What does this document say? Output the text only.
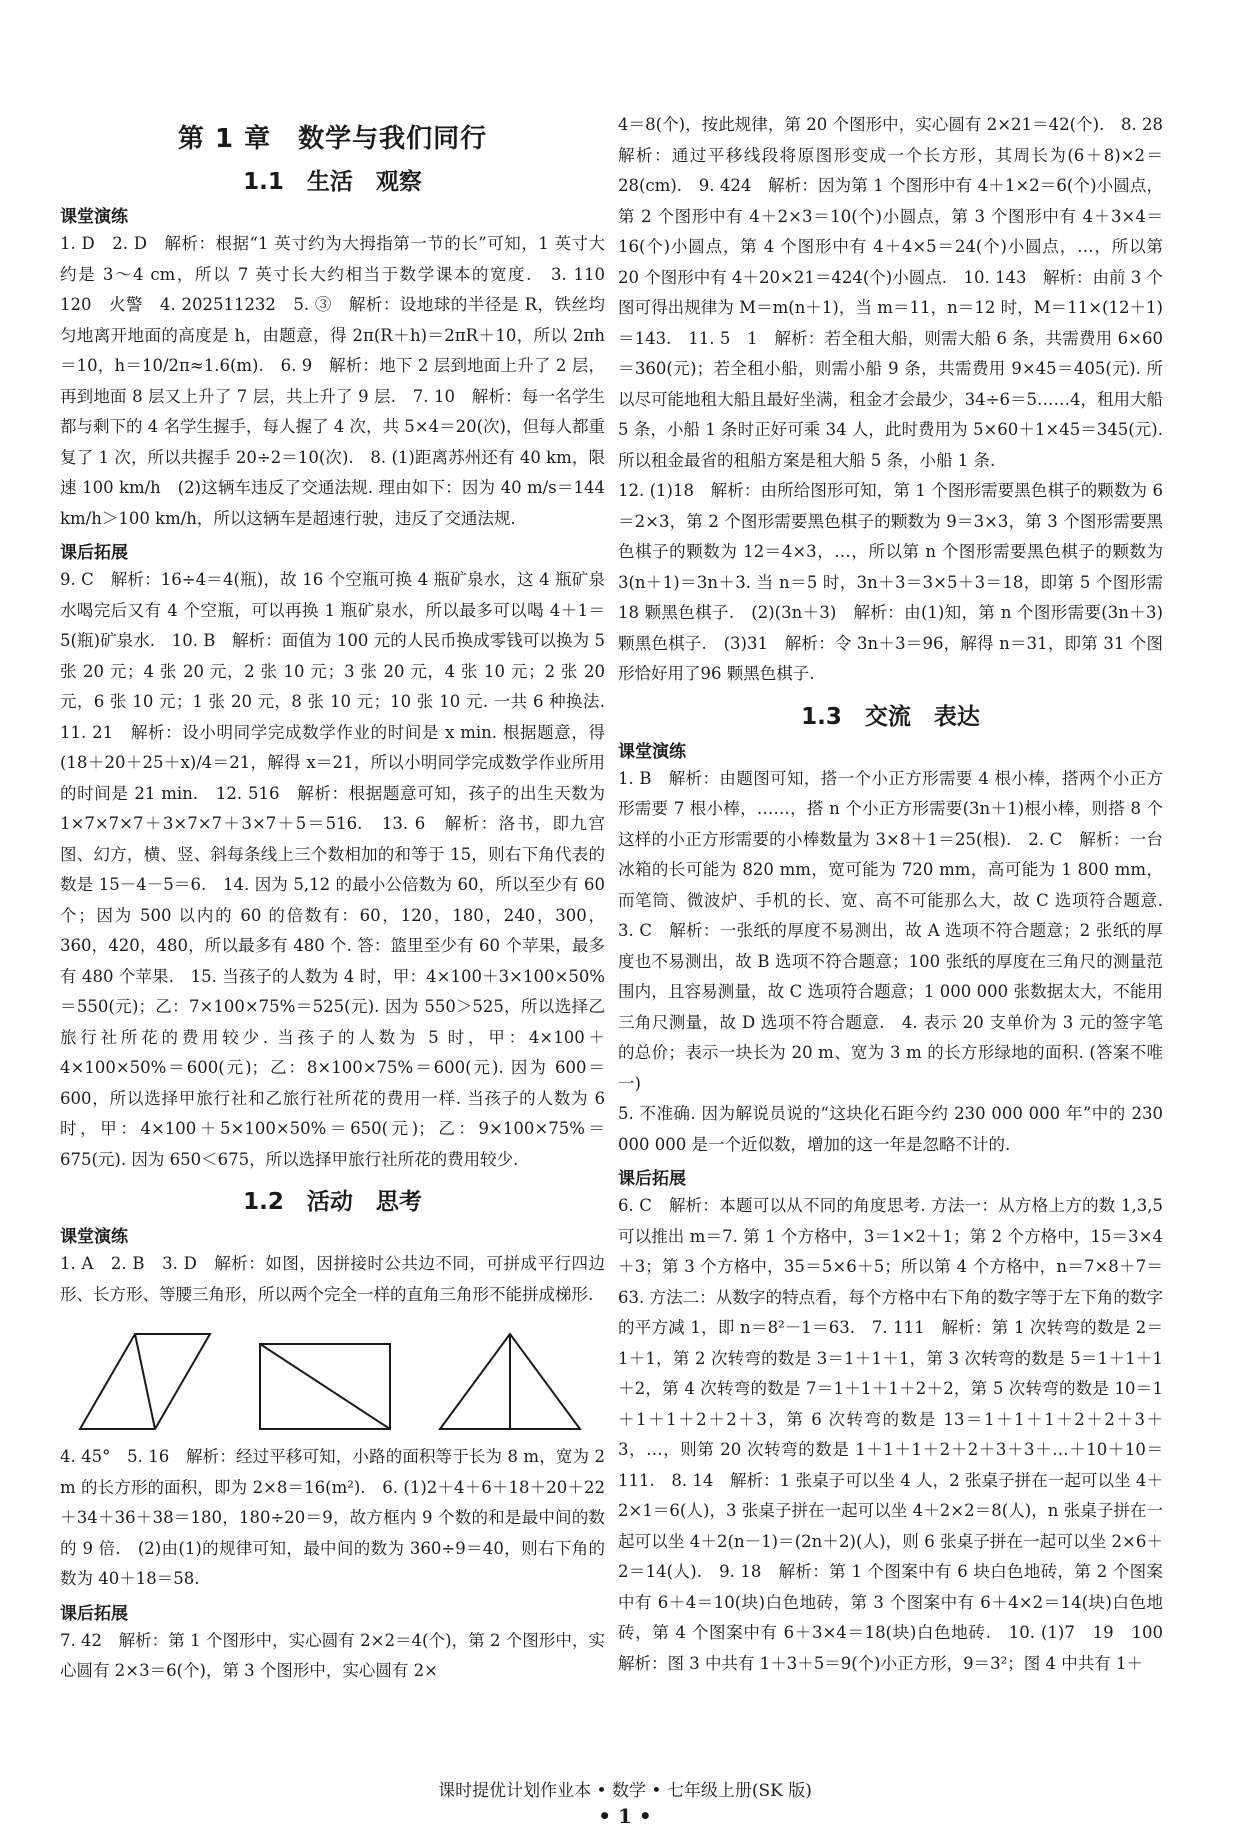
第 1 章　数学与我们同行
1.1　生活　观察
课堂演练

1. D　2. D　解析：根据“1 英寸约为大拇指第一节的长”可知，1 英寸大约是 3～4 cm，所以 7 英寸长大约相当于数学课本的宽度.　3. 110　120　火警　4. 202511232　5. ③　解析：设地球的半径是 R，铁丝均匀地离开地面的高度是 h，由题意，得 2π(R＋h)＝2πR＋10，所以 2πh＝10，h＝10/2π≈1.6(m).　6. 9　解析：地下 2 层到地面上升了 2 层，再到地面 8 层又上升了 7 层，共上升了 9 层.　7. 10　解析：每一名学生都与剩下的 4 名学生握手，每人握了 4 次，共 5×4＝20(次)，但每人都重复了 1 次，所以共握手 20÷2＝10(次).　8. (1)距离苏州还有 40 km，限速 100 km/h　(2)这辆车违反了交通法规. 理由如下：因为 40 m/s＝144 km/h＞100 km/h，所以这辆车是超速行驶，违反了交通法规.

课后拓展

9. C　解析：16÷4＝4(瓶)，故 16 个空瓶可换 4 瓶矿泉水，这 4 瓶矿泉水喝完后又有 4 个空瓶，可以再换 1 瓶矿泉水，所以最多可以喝 4＋1＝5(瓶)矿泉水.　10. B　解析：面值为 100 元的人民币换成零钱可以换为 5 张 20 元；4 张 20 元，2 张 10 元；3 张 20 元，4 张 10 元；2 张 20 元，6 张 10 元；1 张 20 元，8 张 10 元；10 张 10 元. 一共 6 种换法.　11. 21　解析：设小明同学完成数学作业的时间是 x min. 根据题意，得 (18＋20＋25＋x)/4＝21，解得 x＝21，所以小明同学完成数学作业所用的时间是 21 min.　12. 516　解析：根据题意可知，孩子的出生天数为 1×7×7×7＋3×7×7＋3×7＋5＝516.　13. 6　解析：洛书，即九宫图、幻方，横、竖、斜每条线上三个数相加的和等于 15，则右下角代表的数是 15－4－5＝6.　14. 因为 5,12 的最小公倍数为 60，所以至少有 60 个；因为 500 以内的 60 的倍数有：60，120，180，240，300，360，420，480，所以最多有 480 个. 答：篮里至少有 60 个苹果，最多有 480 个苹果.　15. 当孩子的人数为 4 时，甲：4×100＋3×100×50%＝550(元)；乙：7×100×75%＝525(元). 因为 550＞525，所以选择乙旅行社所花的费用较少. 当孩子的人数为 5 时，甲：4×100＋4×100×50%＝600(元)；乙：8×100×75%＝600(元). 因为 600＝600，所以选择甲旅行社和乙旅行社所花的费用一样. 当孩子的人数为 6 时，甲：4×100＋5×100×50%＝650(元)；乙：9×100×75%＝675(元). 因为 650＜675，所以选择甲旅行社所花的费用较少.

1.2　活动　思考
课堂演练

1. A　2. B　3. D　解析：如图，因拼接时公共边不同，可拼成平行四边形、长方形、等腰三角形，所以两个完全一样的直角三角形不能拼成梯形.

4. 45°　5. 16　解析：经过平移可知，小路的面积等于长为 8 m，宽为 2 m 的长方形的面积，即为 2×8＝16(m²).　6. (1)2＋4＋6＋18＋20＋22＋34＋36＋38＝180，180÷20＝9，故方框内 9 个数的和是最中间的数的 9 倍.　(2)由(1)的规律可知，最中间的数为 360÷9＝40，则右下角的数为 40＋18＝58.

课后拓展

7. 42　解析：第 1 个图形中，实心圆有 2×2＝4(个)，第 2 个图形中，实心圆有 2×3＝6(个)，第 3 个图形中，实心圆有 2×

4＝8(个)，按此规律，第 20 个图形中，实心圆有 2×21＝42(个).　8. 28　解析：通过平移线段将原图形变成一个长方形，其周长为(6＋8)×2＝28(cm).　9. 424　解析：因为第 1 个图形中有 4＋1×2＝6(个)小圆点，第 2 个图形中有 4＋2×3＝10(个)小圆点，第 3 个图形中有 4＋3×4＝16(个)小圆点，第 4 个图形中有 4＋4×5＝24(个)小圆点，…，所以第 20 个图形中有 4＋20×21＝424(个)小圆点.　10. 143　解析：由前 3 个图可得出规律为 M＝m(n＋1)，当 m＝11，n＝12 时，M＝11×(12＋1)＝143.　11. 5　1　解析：若全租大船，则需大船 6 条，共需费用 6×60＝360(元)；若全租小船，则需小船 9 条，共需费用 9×45＝405(元). 所以尽可能地租大船且最好坐满，租金才会最少，34÷6＝5……4，租用大船 5 条，小船 1 条时正好可乘 34 人，此时费用为 5×60＋1×45＝345(元). 所以租金最省的租船方案是租大船 5 条，小船 1 条.

12. (1)18　解析：由所给图形可知，第 1 个图形需要黑色棋子的颗数为 6＝2×3，第 2 个图形需要黑色棋子的颗数为 9＝3×3，第 3 个图形需要黑色棋子的颗数为 12＝4×3，…，所以第 n 个图形需要黑色棋子的颗数为 3(n＋1)＝3n＋3. 当 n＝5 时，3n＋3＝3×5＋3＝18，即第 5 个图形需 18 颗黑色棋子.　(2)(3n＋3)　解析：由(1)知，第 n 个图形需要(3n＋3)颗黑色棋子.　(3)31　解析：令 3n＋3＝96，解得 n＝31，即第 31 个图形恰好用了96 颗黑色棋子.

1.3　交流　表达
课堂演练

1. B　解析：由题图可知，搭一个小正方形需要 4 根小棒，搭两个小正方形需要 7 根小棒，……，搭 n 个小正方形需要(3n＋1)根小棒，则搭 8 个这样的小正方形需要的小棒数量为 3×8＋1＝25(根).　2. C　解析：一台冰箱的长可能为 820 mm，宽可能为 720 mm，高可能为 1 800 mm，而笔筒、微波炉、手机的长、宽、高不可能那么大，故 C 选项符合题意.　3. C　解析：一张纸的厚度不易测出，故 A 选项不符合题意；2 张纸的厚度也不易测出，故 B 选项不符合题意；100 张纸的厚度在三角尺的测量范围内，且容易测量，故 C 选项符合题意；1 000 000 张数据太大，不能用三角尺测量，故 D 选项不符合题意.　4. 表示 20 支单价为 3 元的签字笔的总价；表示一块长为 20 m、宽为 3 m 的长方形绿地的面积. (答案不唯一)

5. 不准确. 因为解说员说的“这块化石距今约 230 000 000 年”中的 230 000 000 是一个近似数，增加的这一年是忽略不计的.

课后拓展

6. C　解析：本题可以从不同的角度思考. 方法一：从方格上方的数 1,3,5 可以推出 m＝7. 第 1 个方格中，3＝1×2＋1；第 2 个方格中，15＝3×4＋3；第 3 个方格中，35＝5×6＋5；所以第 4 个方格中，n＝7×8＋7＝63. 方法二：从数字的特点看，每个方格中右下角的数字等于左下角的数字的平方减 1，即 n＝8²－1＝63.　7. 111　解析：第 1 次转弯的数是 2＝1＋1，第 2 次转弯的数是 3＝1＋1＋1，第 3 次转弯的数是 5＝1＋1＋1＋2，第 4 次转弯的数是 7＝1＋1＋1＋2＋2，第 5 次转弯的数是 10＝1＋1＋1＋2＋2＋3，第 6 次转弯的数是 13＝1＋1＋1＋2＋2＋3＋3，…，则第 20 次转弯的数是 1＋1＋1＋2＋2＋3＋3＋…＋10＋10＝111.　8. 14　解析：1 张桌子可以坐 4 人，2 张桌子拼在一起可以坐 4＋2×1＝6(人)，3 张桌子拼在一起可以坐 4＋2×2＝8(人)，n 张桌子拼在一起可以坐 4＋2(n－1)＝(2n＋2)(人)，则 6 张桌子拼在一起可以坐 2×6＋2＝14(人).　9. 18　解析：第 1 个图案中有 6 块白色地砖，第 2 个图案中有 6＋4＝10(块)白色地砖，第 3 个图案中有 6＋4×2＝14(块)白色地砖，第 4 个图案中有 6＋3×4＝18(块)白色地砖.　10. (1)7　19　100　解析：图 3 中共有 1＋3＋5＝9(个)小正方形，9＝3²；图 4 中共有 1＋

课时提优计划作业本 • 数学 • 七年级上册(SK 版)
• 1 •
